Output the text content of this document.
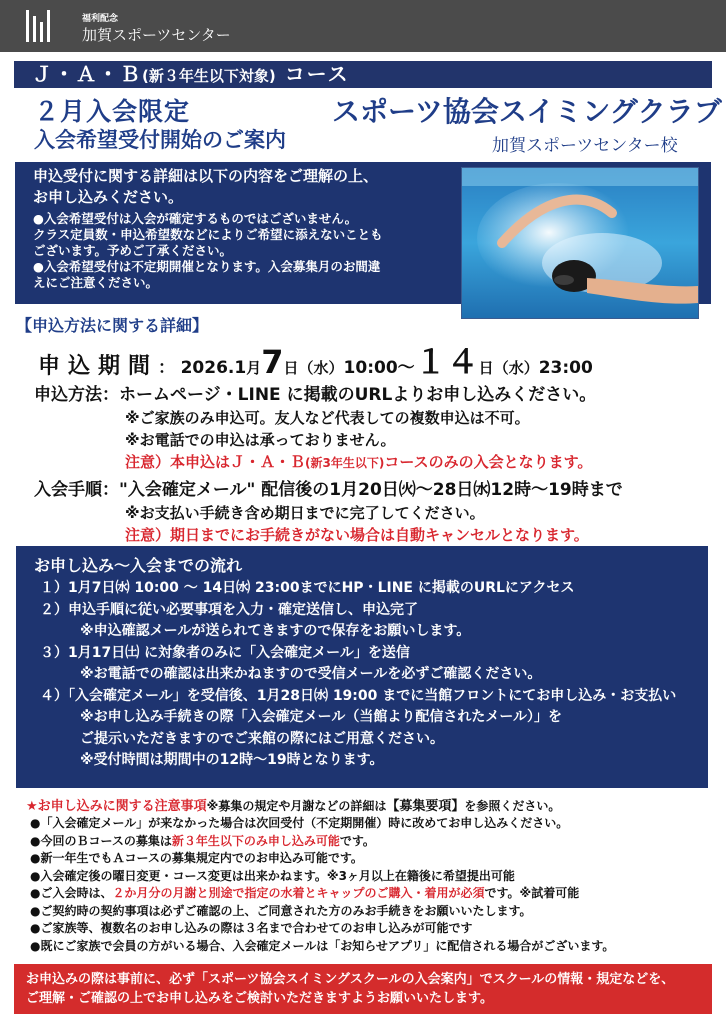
福利配念
加賀スポーツセンター
Ｊ・Ａ・Ｂ(新３年生以下対象) コース
２月入会限定
入会希望受付開始のご案内
スポーツ協会スイミングクラブ
加賀スポーツセンター校
申込受付に関する詳細は以下の内容をご理解の上、
お申し込みください。
●入会希望受付は入会が確定するものではございません。
クラス定員数・申込希望数などによりご希望に添えないことも
ございます。予めご了承ください。
●入会希望受付は不定期開催となります。入会募集月のお間違
えにご注意ください。
【申込方法に関する詳細】
申込期間： 2026.1月7日（水）10:00〜１４日（水）23:00
申込方法：ホームページ・LINE に掲載のURLよりお申し込みください。
※ご家族のみ申込可。友人など代表しての複数申込は不可。
※お電話での申込は承っておりません。
注意）本申込はＪ・Ａ・Ｂ(新3年生以下)コースのみの入会となります。
入会手順："入会確定メール" 配信後の1月20日㈫〜28日㈬12時〜19時まで
※お支払い手続き含め期日までに完了してください。
注意）期日までにお手続きがない場合は自動キャンセルとなります。
お申し込み〜入会までの流れ
１）1月7日㈬ 10:00 〜 14日㈬ 23:00までにHP・LINE に掲載のURLにアクセス
２）申込手順に従い必要事項を入力・確定送信し、申込完了
※申込確認メールが送られてきますので保存をお願いします。
３）1月17日㈯ に対象者のみに「入会確定メール」を送信
※お電話での確認は出来かねますので受信メールを必ずご確認ください。
４）「入会確定メール」を受信後、1月28日㈬ 19:00 までに当館フロントにてお申し込み・お支払い
※お申し込み手続きの際「入会確定メール（当館より配信されたメール）」を
ご提示いただきますのでご来館の際にはご用意ください。
※受付時間は期間中の12時〜19時となります。
★お申し込みに関する注意事項※募集の規定や月謝などの詳細は【募集要項】を参照ください。
●「入会確定メール」が来なかった場合は次回受付（不定期開催）時に改めてお申し込みください。
●今回のＢコースの募集は新３年生以下のみ申し込み可能です。
●新一年生でもＡコースの募集規定内でのお申込み可能です。
●入会確定後の曜日変更・コース変更は出来かねます。※3ヶ月以上在籍後に希望提出可能
●ご入会時は、２か月分の月謝と別途で指定の水着とキャップのご購入・着用が必須です。※試着可能
●ご契約時の契約事項は必ずご確認の上、ご同意された方のみお手続きをお願いいたします。
●ご家族等、複数名のお申し込みの際は３名まで合わせてのお申し込みが可能です
●既にご家族で会員の方がいる場合、入会確定メールは「お知らせアプリ」に配信される場合がございます。
お申込みの際は事前に、必ず「スポーツ協会スイミングスクールの入会案内」でスクールの情報・規定などを、
ご理解・ご確認の上でお申し込みをご検討いただきますようお願いいたします。
